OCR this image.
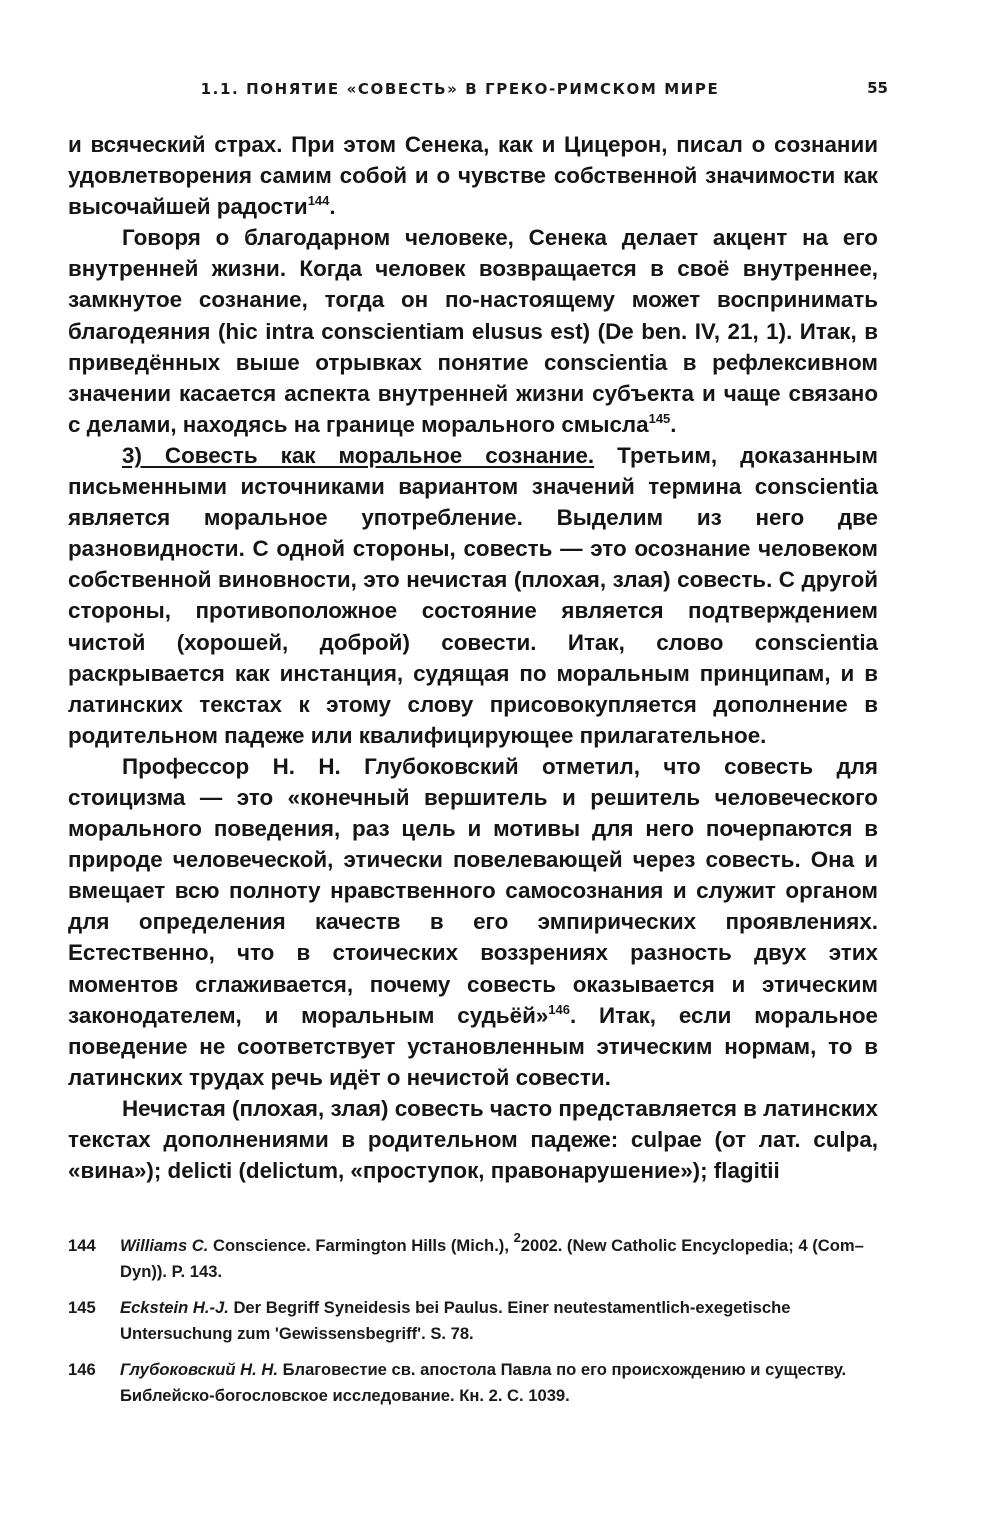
1.1. ПОНЯТИЕ «СОВЕСТЬ» В ГРЕКО-РИМСКОМ МИРЕ	55

и всяческий страх. При этом Сенека, как и Цицерон, писал о сознании удовлетворения самим собой и о чувстве собственной значимости как высочайшей радости$^{144}$.

Говоря о благодарном человеке, Сенека делает акцент на его внутренней жизни. Когда человек возвращается в своё внутреннее, замкнутое сознание, тогда он по-настоящему может воспринимать благодеяния (hic intra conscientiam elusus est) (De ben. IV, 21, 1). Итак, в приведённых выше отрывках понятие conscientia в рефлексивном значении касается аспекта внутренней жизни субъекта и чаще связано с делами, находясь на границе морального смысла$^{145}$.

3) Совесть как моральное сознание. Третьим, доказанным письменными источниками вариантом значений термина conscientia является моральное употребление. Выделим из него две разновидности. С одной стороны, совесть — это осознание человеком собственной виновности, это нечистая (плохая, злая) совесть. С другой стороны, противоположное состояние является подтверждением чистой (хорошей, доброй) совести. Итак, слово conscientia раскрывается как инстанция, судящая по моральным принципам, и в латинских текстах к этому слову присовокупляется дополнение в родительном падеже или квалифицирующее прилагательное.

Профессор Н. Н. Глубоковский отметил, что совесть для стоицизма — это «конечный вершитель и решитель человеческого морального поведения, раз цель и мотивы для него почерпаются в природе человеческой, этически повелевающей через совесть. Она и вмещает всю полноту нравственного самосознания и служит органом для определения качеств в его эмпирических проявлениях. Естественно, что в стоических воззрениях разность двух этих моментов сглаживается, почему совесть оказывается и этическим законодателем, и моральным судьёй»$^{146}$. Итак, если моральное поведение не соответствует установленным этическим нормам, то в латинских трудах речь идёт о нечистой совести.

Нечистая (плохая, злая) совесть часто представляется в латинских текстах дополнениями в родительном падеже: culpae (от лат. culpa, «вина»); delicti (delictum, «проступок, правонарушение»); flagitii

144 Williams C. Conscience. Farmington Hills (Mich.), $^2$2002. (New Catholic Encyclopedia; 4 (Com–Dyn)). P. 143.
145 Eckstein H.-J. Der Begriff Syneidesis bei Paulus. Einer neutestamentlich-exegetische Untersuchung zum 'Gewissensbegriff'. S. 78.
146 Глубоковский Н. Н. Благовестие св. апостола Павла по его происхождению и существу. Библейско-богословское исследование. Кн. 2. С. 1039.
